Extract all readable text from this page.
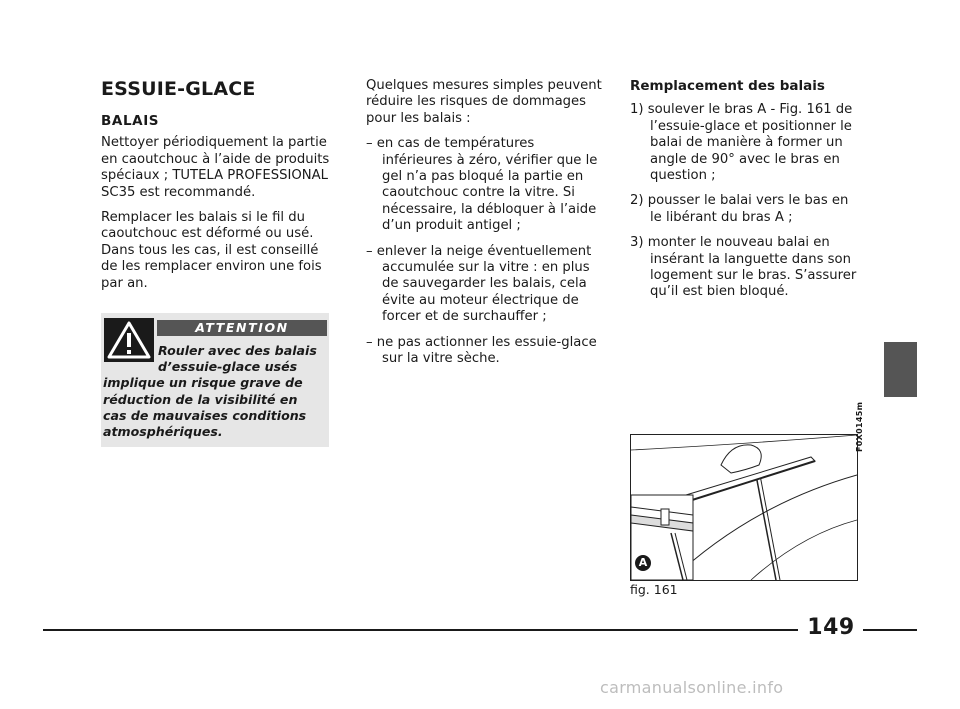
ESSUIE-GLACE
BALAIS

Nettoyer périodiquement la partie en caoutchouc à l’aide de produits spéciaux ; TUTELA PROFESSIONAL SC35 est recommandé.

Remplacer les balais si le fil du caoutchouc est déformé ou usé. Dans tous les cas, il est conseillé de les remplacer environ une fois par an.

ATTENTION
Rouler avec des balais d’essuie-glace usés
implique un risque grave de réduction de la visibilité en cas de mauvaises conditions atmosphériques.

Quelques mesures simples peuvent réduire les risques de dommages pour les balais :

– en cas de températures inférieures à zéro, vérifier que le gel n’a pas bloqué la partie en caoutchouc contre la vitre. Si nécessaire, la débloquer à l’aide d’un produit antigel ;

– enlever la neige éventuellement accumulée sur la vitre : en plus de sauvegarder les balais, cela évite au moteur électrique de forcer et de surchauffer ;

– ne pas actionner les essuie-glace sur la vitre sèche.

Remplacement des balais

1) soulever le bras A - Fig. 161 de l’essuie-glace et positionner le balai de manière à former un angle de 90° avec le bras en question ;

2) pousser le balai vers le bas en le libérant du bras A ;

3) monter le nouveau balai en insérant la languette dans son logement sur le bras. S’assurer qu’il est bien bloqué.

A
F0X0145m
fig. 161
149
carmanualsonline.info
